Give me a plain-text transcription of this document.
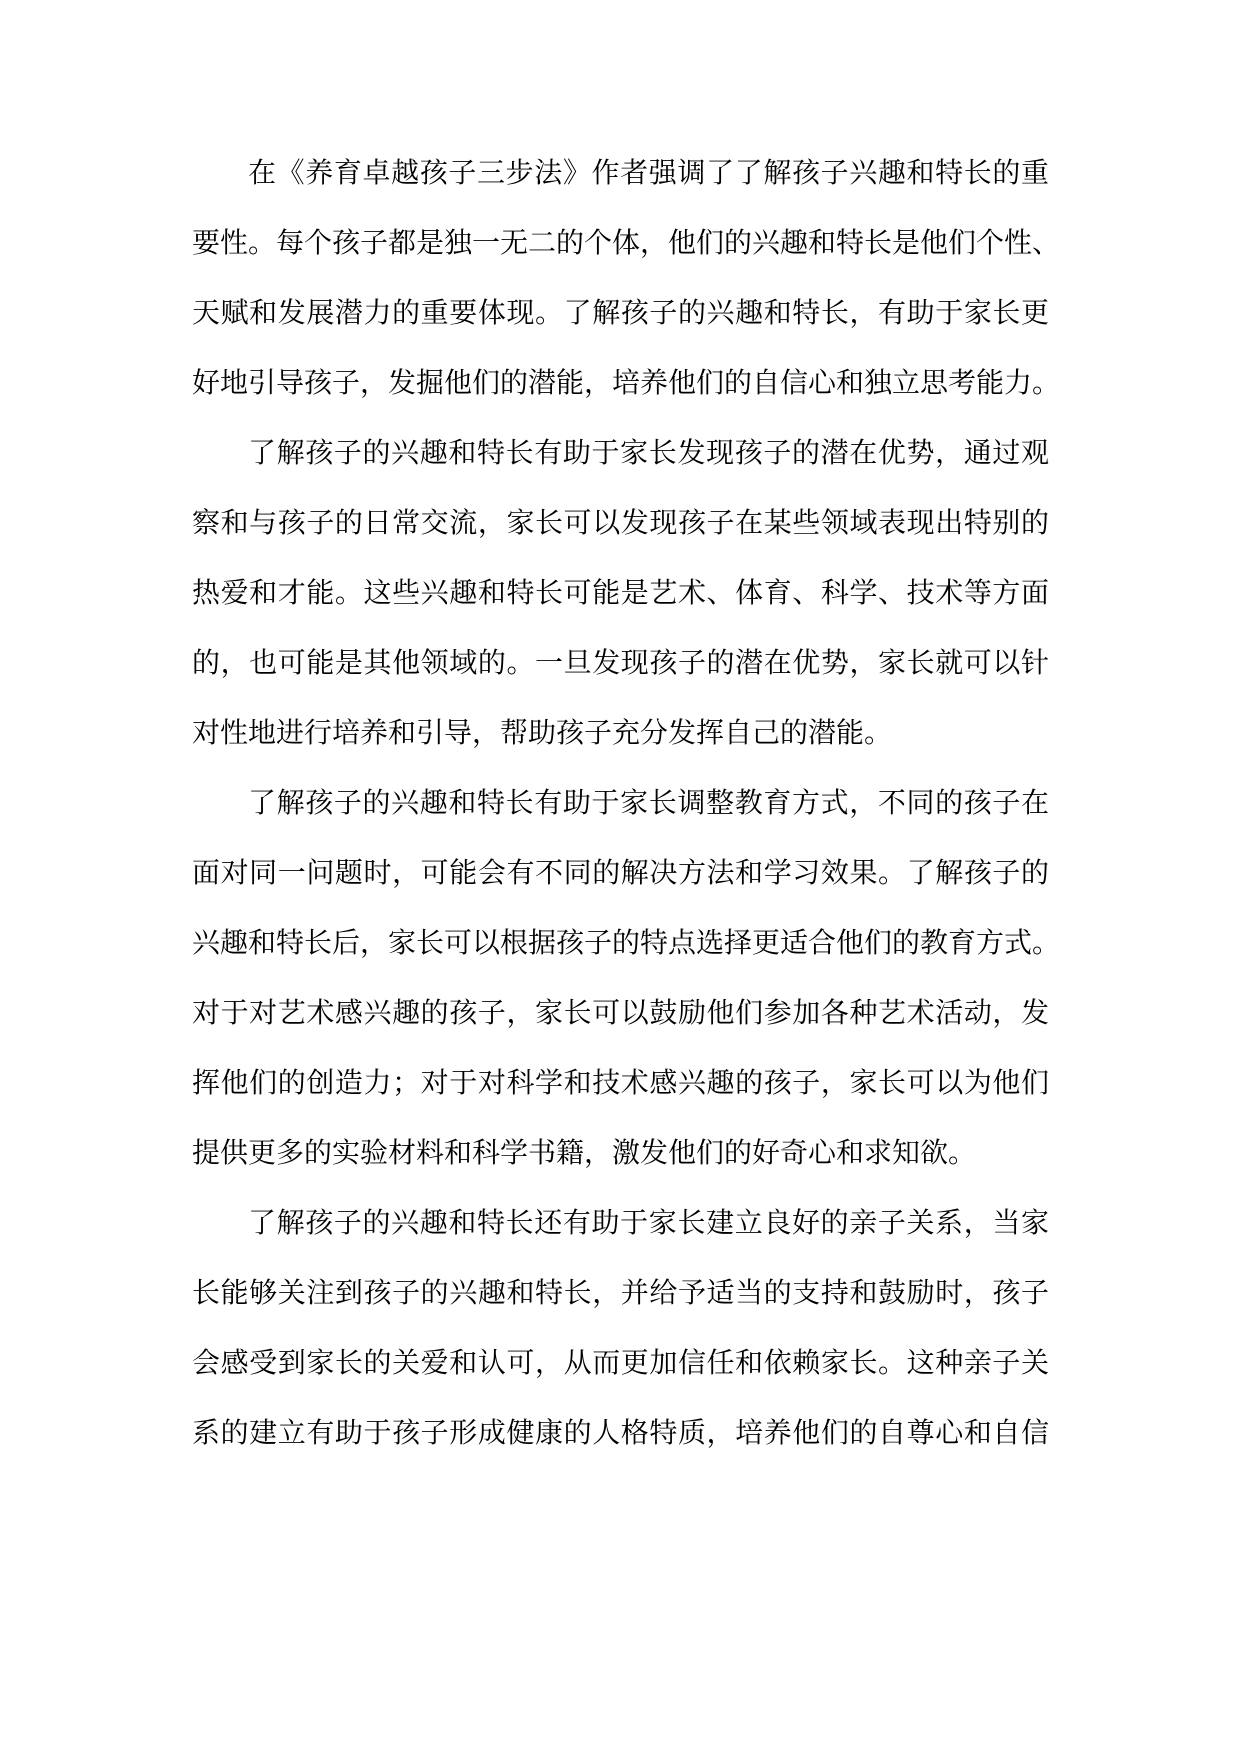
在《养育卓越孩子三步法》作者强调了了解孩子兴趣和特长的重
要性。每个孩子都是独一无二的个体，他们的兴趣和特长是他们个性、
天赋和发展潜力的重要体现。了解孩子的兴趣和特长，有助于家长更
好地引导孩子，发掘他们的潜能，培养他们的自信心和独立思考能力。
了解孩子的兴趣和特长有助于家长发现孩子的潜在优势，通过观
察和与孩子的日常交流，家长可以发现孩子在某些领域表现出特别的
热爱和才能。这些兴趣和特长可能是艺术、体育、科学、技术等方面
的，也可能是其他领域的。一旦发现孩子的潜在优势，家长就可以针
对性地进行培养和引导，帮助孩子充分发挥自己的潜能。
了解孩子的兴趣和特长有助于家长调整教育方式，不同的孩子在
面对同一问题时，可能会有不同的解决方法和学习效果。了解孩子的
兴趣和特长后，家长可以根据孩子的特点选择更适合他们的教育方式。
对于对艺术感兴趣的孩子，家长可以鼓励他们参加各种艺术活动，发
挥他们的创造力；对于对科学和技术感兴趣的孩子，家长可以为他们
提供更多的实验材料和科学书籍，激发他们的好奇心和求知欲。
了解孩子的兴趣和特长还有助于家长建立良好的亲子关系，当家
长能够关注到孩子的兴趣和特长，并给予适当的支持和鼓励时，孩子
会感受到家长的关爱和认可，从而更加信任和依赖家长。这种亲子关
系的建立有助于孩子形成健康的人格特质，培养他们的自尊心和自信
